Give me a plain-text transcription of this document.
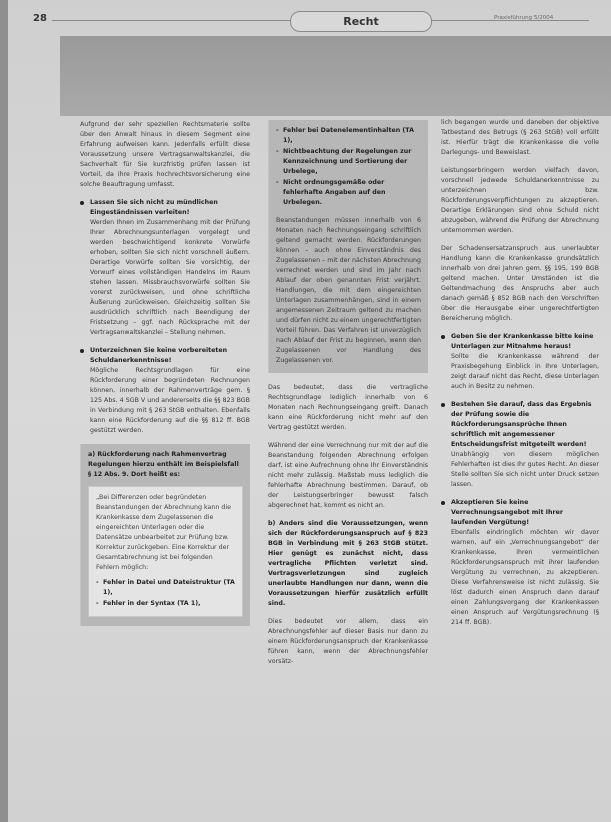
28	Recht	Praxisführung 5/2004

Aufgrund der sehr speziellen Rechtsmaterie sollte über den Anwalt hinaus in diesem Segment eine Erfahrung aufweisen kann. Jedenfalls erfüllt diese Voraussetzung unsere Vertragsanwaltskanzlei, die Sachverhalt für Sie kurzfristig prüfen lassen ist Vorteil, da ihre Praxis hochrechtsvorsicherung eine solche Beauftragung umfasst.

Lassen Sie sich nicht zu mündlichen Eingeständnissen verleiten!
Werden Ihnen im Zusammenhang mit der Prüfung Ihrer Abrechnungsunterlagen vorgelegt und werden beschwichtigend konkrete Vorwürfe erhoben, sollten Sie sich nicht vorschnell äußern. Derartige Vorwürfe sollten Sie vorsichtig, der Vorwurf eines vollständigen Handelns im Raum stehen lassen. Missbrauchsvorwürfe sollten Sie vorerst zurückweisen, und ohne schriftliche Äußerung zurückweisen. Gleichzeitig sollten Sie ausdrücklich schriftlich nach Beendigung der Fristsetzung – ggf. nach Rücksprache mit der Vertragsanwaltskanzlei – Stellung nehmen.
Unterzeichnen Sie keine vorbereiteten Schuldanerkenntnisse!
Mögliche Rechtsgrundlagen für eine Rückforderung einer begründeten Rechnungen können, innerhalb der Rahmenverträge gem. § 125 Abs. 4 SGB V und andererseits die §§ 823 BGB in Verbindung mit § 263 StGB enthalten. Ebenfalls kann eine Rückforderung auf die §§ 812 ff. BGB gestützt werden.
a) Rückforderung nach Rahmenvertrag Regelungen hierzu enthält im Beispielsfall § 12 Abs. 9. Dort heißt es:

„Bei Differenzen oder begründeten Beanstandungen der Abrechnung kann die Krankenkasse dem Zugelassenen die eingereichten Unterlagen oder die Datensätze unbearbeitet zur Prüfung bzw. Korrektur zurückgeben. Eine Korrektur der Gesamtabrechnung ist bei folgenden Fehlern möglich:

- Fehler in Datei und Dateistruktur (TA 1),
- Fehler in der Syntax (TA 1),
- Fehler bei Datenelementinhalten (TA 1),
- Nichtbeachtung der Regelungen zur Kennzeichnung und Sortierung der Urbelege,
- Nicht ordnungsgemäße oder fehlerhafte Angaben auf den Urbelegen.

Beanstandungen müssen innerhalb von 6 Monaten nach Rechnungseingang schriftlich geltend gemacht werden. Rückforderungen können – auch ohne Einverständnis des Zugelassenen – mit der nächsten Abrechnung verrechnet werden und sind im Jahr nach Ablauf der oben genannten Frist verjährt. Handlungen, die mit dem eingereichten Unterlagen zusammenhängen, sind in einem angemessenen Zeitraum geltend zu machen und dürfen nicht zu einem ungerechtfertigten Vorteil führen. Das Verfahren ist unverzüglich nach Ablauf der Frist zu beginnen, wenn den Zugelassenen vor Handlung des Zugelassenen vor.

Das bedeutet, dass die vertragliche Rechtsgrundlage lediglich innerhalb von 6 Monaten nach Rechnungseingang greift. Danach kann eine Rückforderung nicht mehr auf den Vertrag gestützt werden.

Während der eine Verrechnung nur mit der auf die Beanstandung folgenden Abrechnung erfolgen darf, ist eine Aufrechnung ohne Ihr Einverständnis nicht mehr zulässig. Maßstab muss lediglich die fehlerhafte Abrechnung bestimmen. Darauf, ob der Leistungserbringer bewusst falsch abgerechnet hat, kommt es nicht an.

b) Anders sind die Voraussetzungen, wenn sich der Rückforderungsanspruch auf § 823 BGB in Verbindung mit § 263 StGB stützt. Hier genügt es zunächst nicht, dass vertragliche Pflichten verletzt sind. Vertragsverletzungen sind zugleich unerlaubte Handlungen nur dann, wenn die Voraussetzungen hierfür zusätzlich erfüllt sind.

Dies bedeutet vor allem, dass ein Abrechnungsfehler auf dieser Basis nur dann zu einem Rückforderungsanspruch der Krankenkasse führen kann, wenn der Abrechnungsfehler vorsätz-

lich begangen wurde und daneben der objektive Tatbestand des Betrugs (§ 263 StGB) voll erfüllt ist. Hierfür trägt die Krankenkasse die volle Darlegungs- und Beweislast.

Leistungserbringern werden vielfach davon, vorschnell jedwede Schuldanerkenntnisse zu unterzeichnen bzw. Rückforderungsverpflichtungen zu akzeptieren. Derartige Erklärungen sind ohne Schuld nicht abzugeben, während die Prüfung der Abrechnung unternommen werden.

Der Schadensersatzanspruch aus unerlaubter Handlung kann die Krankenkasse grundsätzlich innerhalb von drei Jahren gem. §§ 195, 199 BGB geltend machen. Unter Umständen ist die Geltendmachung des Anspruchs aber auch danach gemäß § 852 BGB nach den Vorschriften über die Herausgabe einer ungerechtfertigten Bereicherung möglich.

Geben Sie der Krankenkasse bitte keine Unterlagen zur Mitnahme heraus!
Sollte die Krankenkasse während der Praxisbegehung Einblick in Ihre Unterlagen, zeigt darauf nicht das Recht, diese Unterlagen auch in Besitz zu nehmen.
Bestehen Sie darauf, dass das Ergebnis der Prüfung sowie die Rückforderungsansprüche Ihnen schriftlich mit angemessener Entscheidungsfrist mitgeteilt werden!
Unabhängig von diesem möglichen Fehlerhaften ist dies Ihr gutes Recht. An dieser Stelle sollten Sie sich nicht unter Druck setzen lassen.
Akzeptieren Sie keine Verrechnungsangebot mit Ihrer laufenden Vergütung!
Ebenfalls eindringlich möchten wir davor warnen, auf ein „Verrechnungsangebot“ der Krankenkasse, ihren vermeintlichen Rückforderungsanspruch mit ihrer laufenden Vergütung zu verrechnen, zu akzeptieren. Diese Verfahrensweise ist nicht zulässig. Sie löst dadurch einen Anspruch dann darauf einen Zahlungsvorgang der Krankenkassen einen Anspruch auf Vergütungsrechnung (§ 214 ff. BGB).
